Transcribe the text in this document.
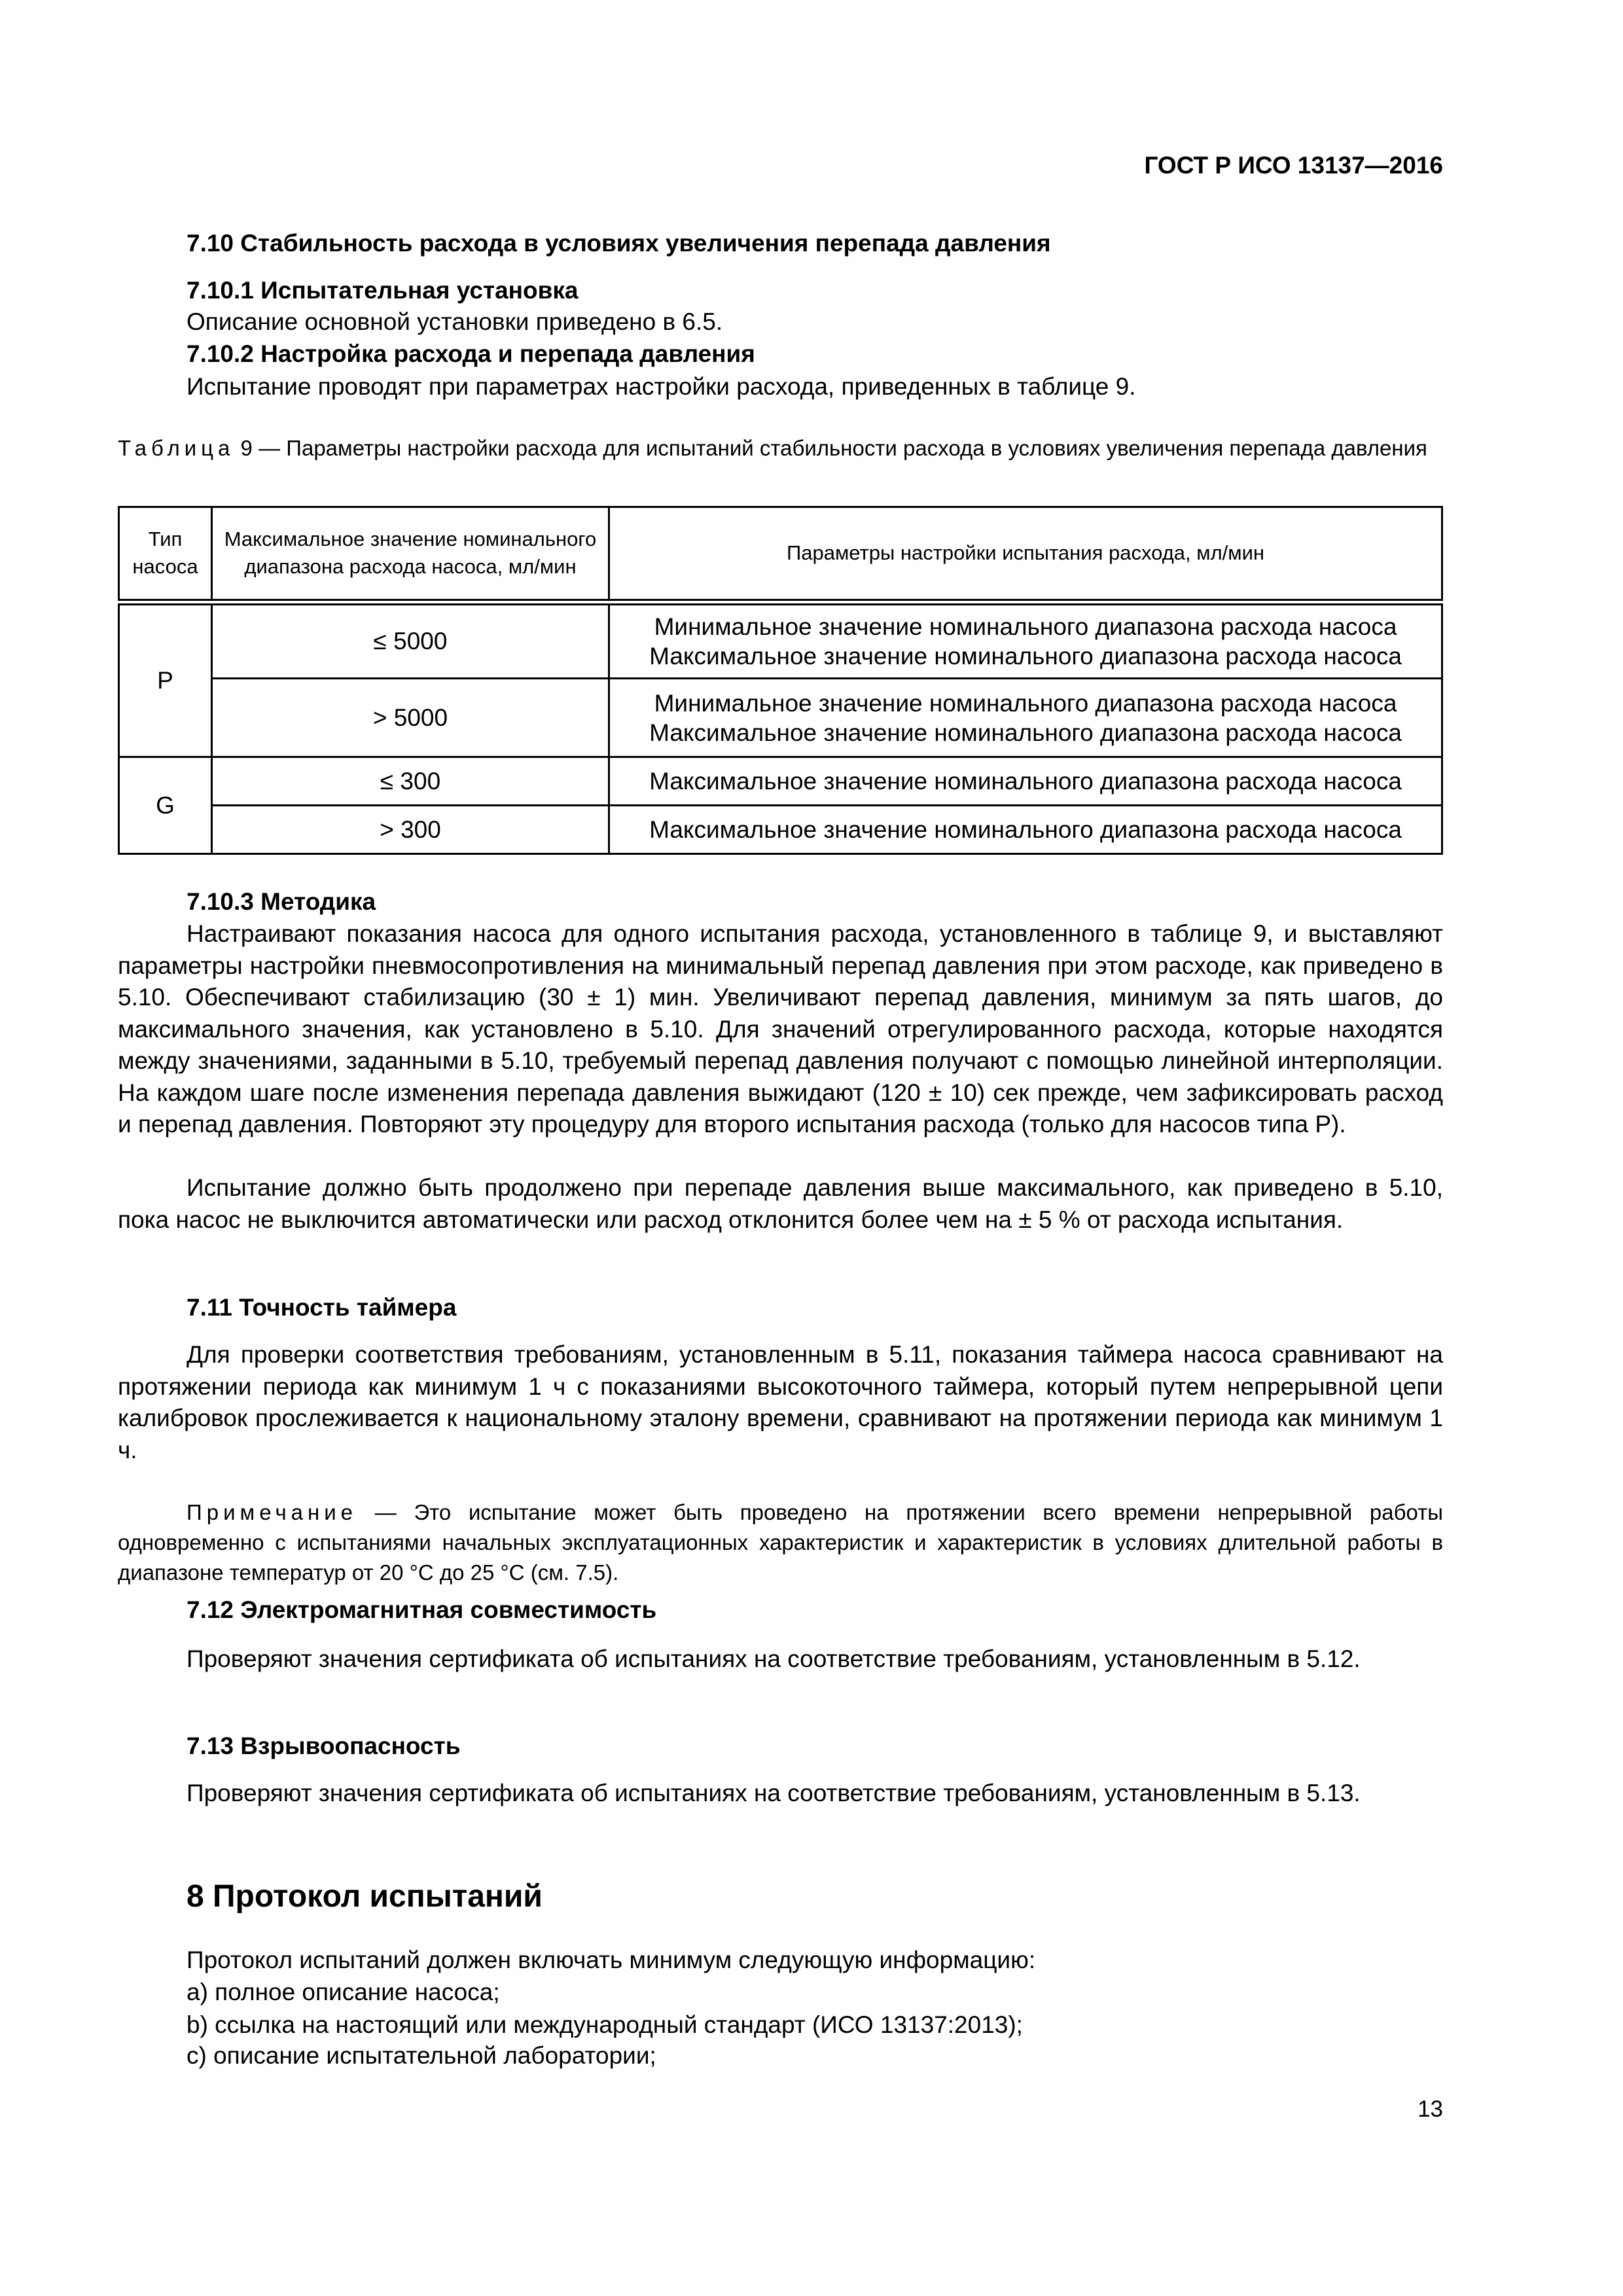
ГОСТ Р ИСО 13137—2016
7.10 Стабильность расхода в условиях увеличения перепада давления
7.10.1 Испытательная установка
Описание основной установки приведено в 6.5.
7.10.2 Настройка расхода и перепада давления
Испытание проводят при параметрах настройки расхода, приведенных в таблице 9.
Таблица 9 — Параметры настройки расхода для испытаний стабильности расхода в условиях увеличения перепада давления
Тип насоса	Максимальное значение номинального диапазона расхода насоса, мл/мин	Параметры настройки испытания расхода, мл/мин
P	≤ 5000	Минимальное значение номинального диапазона расхода насоса
Максимальное значение номинального диапазона расхода насоса

	> 5000	Минимальное значение номинального диапазона расхода насоса
Максимальное значение номинального диапазона расхода насоса

G	≤ 300	Максимальное значение номинального диапазона расхода насоса
	> 300	Максимальное значение номинального диапазона расхода насоса
7.10.3 Методика
Настраивают показания насоса для одного испытания расхода, установленного в таблице 9, и выставляют параметры настройки пневмосопротивления на минимальный перепад давления при этом расходе, как приведено в 5.10. Обеспечивают стабилизацию (30 ± 1) мин. Увеличивают перепад давления, минимум за пять шагов, до максимального значения, как установлено в 5.10. Для значений отрегулированного расхода, которые находятся между значениями, заданными в 5.10, требуемый перепад давления получают с помощью линейной интерполяции. На каждом шаге после изменения перепада давления выжидают (120 ± 10) сек прежде, чем зафиксировать расход и перепад давления. Повторяют эту процедуру для второго испытания расхода (только для насосов типа P).
Испытание должно быть продолжено при перепаде давления выше максимального, как приведено в 5.10, пока насос не выключится автоматически или расход отклонится более чем на ± 5 % от расхода испытания.
7.11 Точность таймера
Для проверки соответствия требованиям, установленным в 5.11, показания таймера насоса сравнивают на протяжении периода как минимум 1 ч с показаниями высокоточного таймера, который путем непрерывной цепи калибровок прослеживается к национальному эталону времени, сравнивают на протяжении периода как минимум 1 ч.
Примечание — Это испытание может быть проведено на протяжении всего времени непрерывной работы одновременно с испытаниями начальных эксплуатационных характеристик и характеристик в условиях длительной работы в диапазоне температур от 20 °С до 25 °С (см. 7.5).
7.12 Электромагнитная совместимость
Проверяют значения сертификата об испытаниях на соответствие требованиям, установленным в 5.12.
7.13 Взрывоопасность
Проверяют значения сертификата об испытаниях на соответствие требованиям, установленным в 5.13.
8 Протокол испытаний
Протокол испытаний должен включать минимум следующую информацию:
a) полное описание насоса;
b) ссылка на настоящий или международный стандарт (ИСО 13137:2013);
c) описание испытательной лаборатории;
13
